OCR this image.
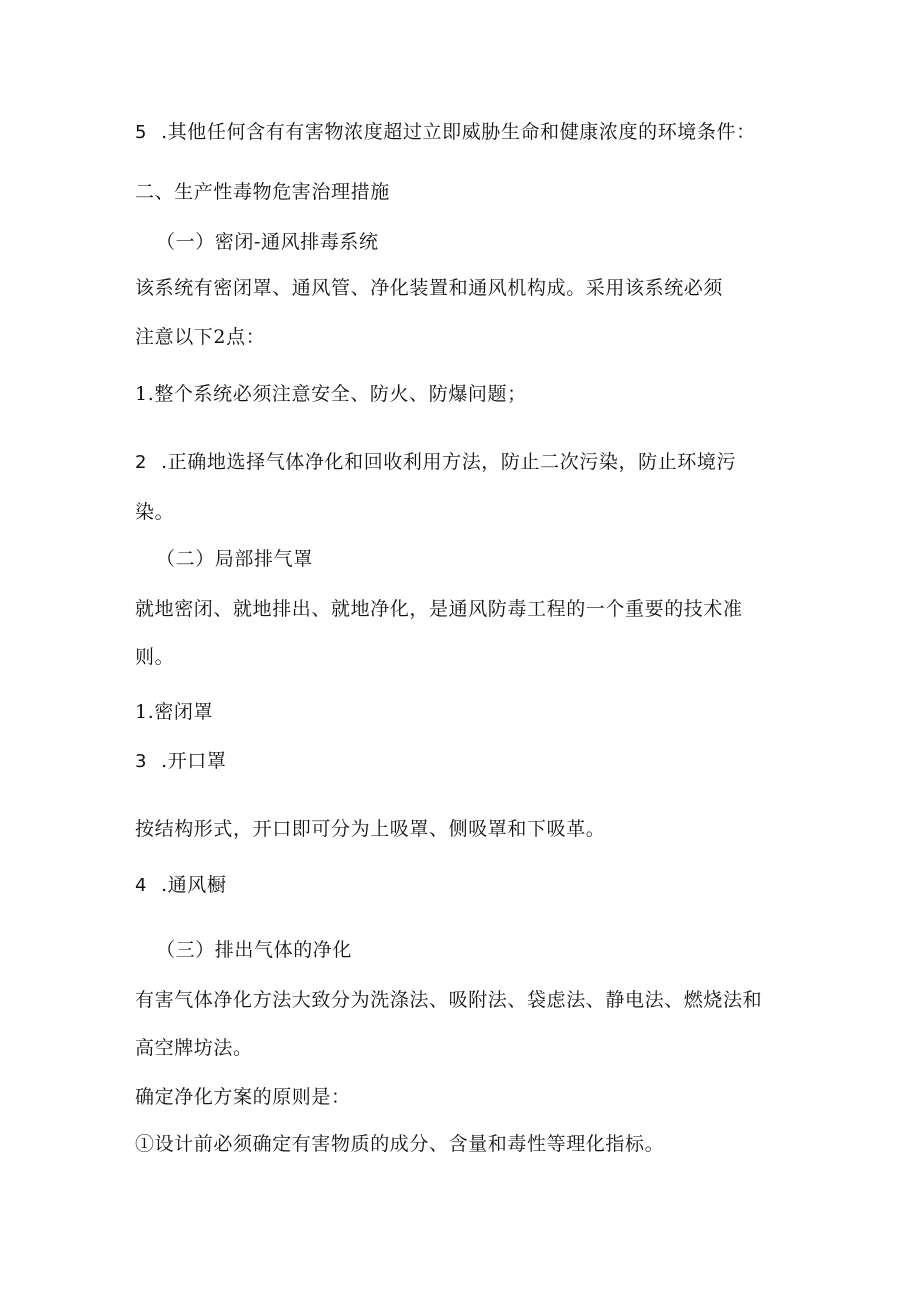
5 .其他任何含有有害物浓度超过立即威胁生命和健康浓度的环境条件：
二、生产性毒物危害治理措施
（一）密闭-通风排毒系统
该系统有密闭罩、通风管、净化装置和通风机构成。采用该系统必须
注意以下2点：
1.整个系统必须注意安全、防火、防爆问题；
2 .正确地选择气体净化和回收利用方法，防止二次污染，防止环境污
染。
（二）局部排气罩
就地密闭、就地排出、就地净化，是通风防毒工程的一个重要的技术准
则。
1.密闭罩
3 .开口罩
按结构形式，开口即可分为上吸罩、侧吸罩和下吸革。
4 .通风橱
（三）排出气体的净化
有害气体净化方法大致分为洗涤法、吸附法、袋虑法、静电法、燃烧法和
高空牌坊法。
确定净化方案的原则是：
①设计前必须确定有害物质的成分、含量和毒性等理化指标。
